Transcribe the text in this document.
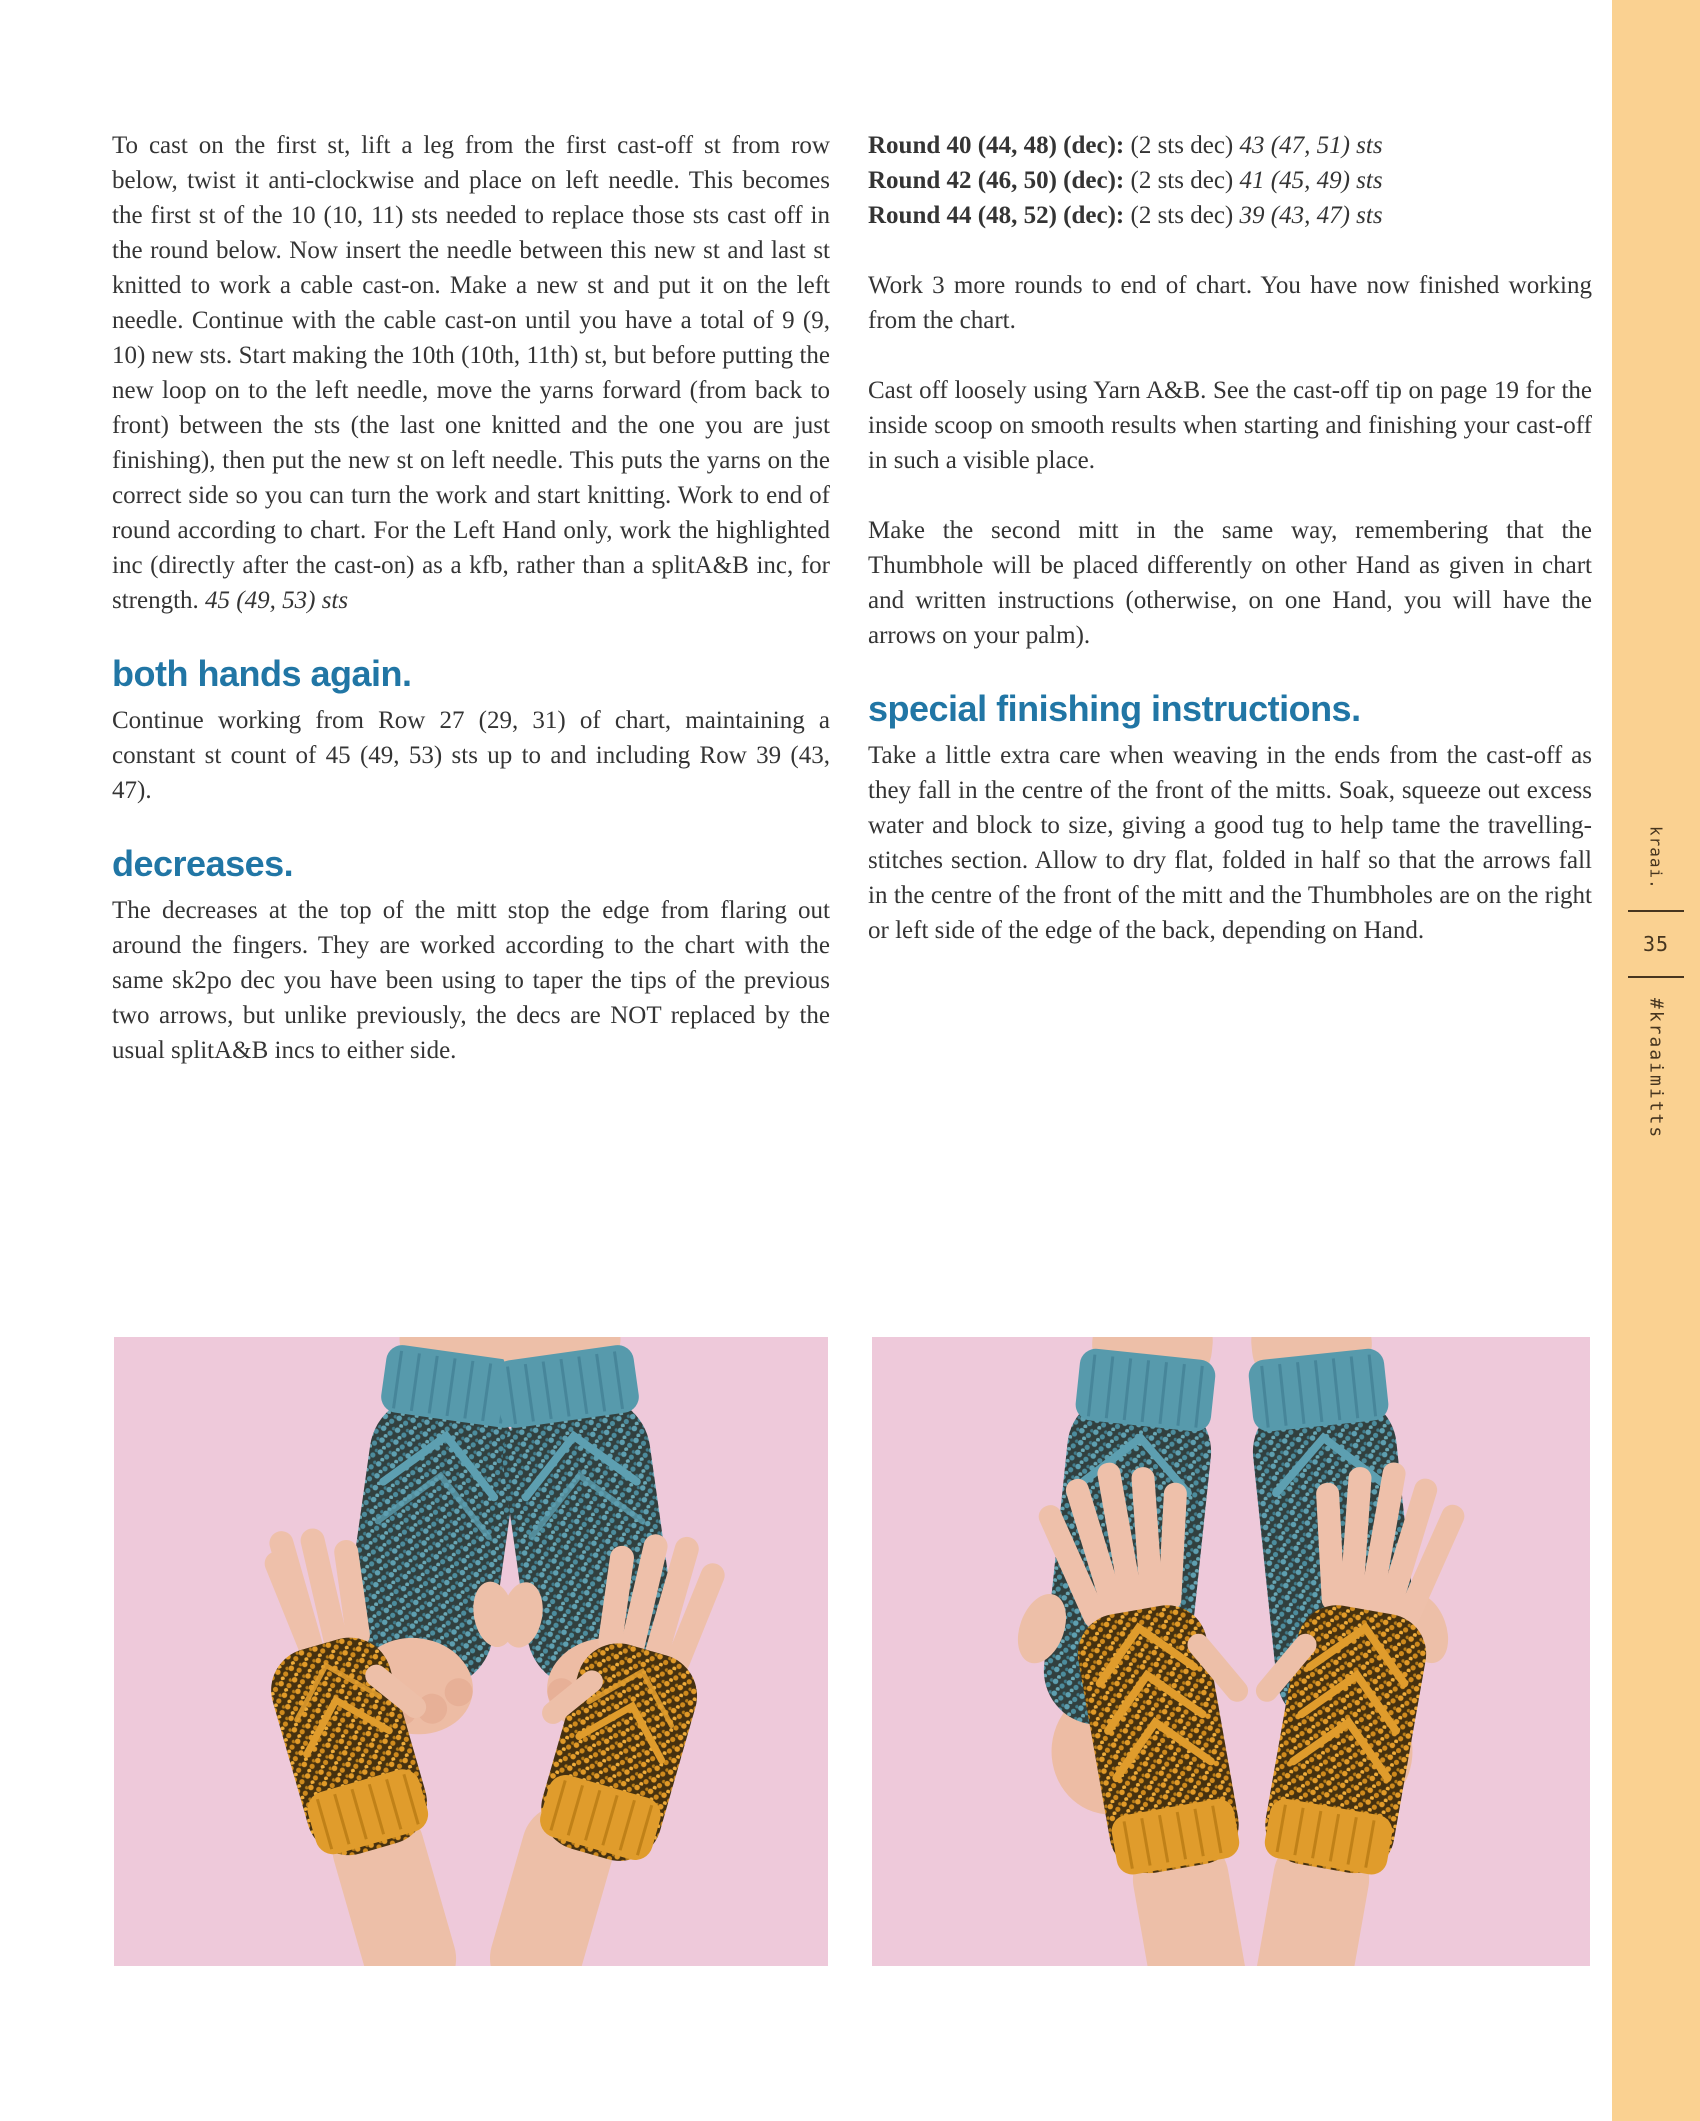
To cast on the first st, lift a leg from the first cast-off st from row below, twist it anti-clockwise and place on left needle. This becomes the first st of the 10 (10, 11) sts needed to replace those sts cast off in the round below. Now insert the needle between this new st and last st knitted to work a cable cast-on. Make a new st and put it on the left needle. Continue with the cable cast-on until you have a total of 9 (9, 10) new sts. Start making the 10th (10th, 11th) st, but before putting the new loop on to the left needle, move the yarns forward (from back to front) between the sts (the last one knitted and the one you are just finishing), then put the new st on left needle. This puts the yarns on the correct side so you can turn the work and start knitting. Work to end of round according to chart. For the Left Hand only, work the highlighted inc (directly after the cast-on) as a kfb, rather than a splitA&B inc, for strength. 45 (49, 53) sts

both hands again.

Continue working from Row 27 (29, 31) of chart, maintaining a constant st count of 45 (49, 53) sts up to and including Row 39 (43, 47).

decreases.

The decreases at the top of the mitt stop the edge from flaring out around the fingers. They are worked according to the chart with the same sk2po dec you have been using to taper the tips of the previous two arrows, but unlike previously, the decs are NOT replaced by the usual splitA&B incs to either side.

Round 40 (44, 48) (dec): (2 sts dec) 43 (47, 51) sts

Round 42 (46, 50) (dec): (2 sts dec) 41 (45, 49) sts

Round 44 (48, 52) (dec): (2 sts dec) 39 (43, 47) sts

Work 3 more rounds to end of chart. You have now finished working from the chart.

Cast off loosely using Yarn A&B. See the cast-off tip on page 19 for the inside scoop on smooth results when starting and finishing your cast-off in such a visible place.

Make the second mitt in the same way, remembering that the Thumbhole will be placed differently on other Hand as given in chart and written instructions (otherwise, on one Hand, you will have the arrows on your palm).

special finishing instructions.

Take a little extra care when weaving in the ends from the cast-off as they fall in the centre of the front of the mitts. Soak, squeeze out excess water and block to size, giving a good tug to help tame the travelling-stitches section. Allow to dry flat, folded in half so that the arrows fall in the centre of the front of the mitt and the Thumbholes are on the right or left side of the edge of the back, depending on Hand.

kraai.
35
#kraaimitts
